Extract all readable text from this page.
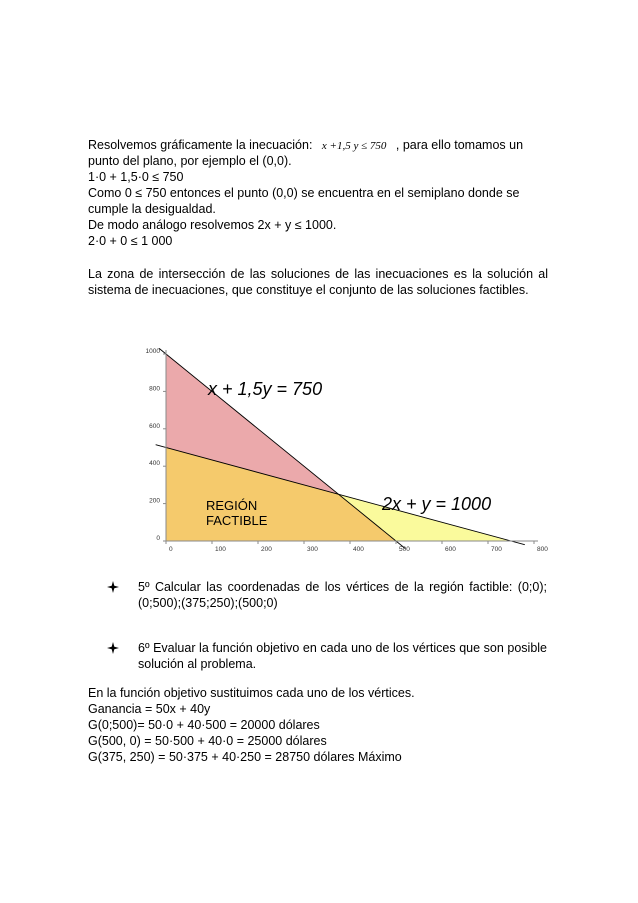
Resolvemos gráficamente la inecuación: x +1,5 y ≤ 750 , para ello tomamos un
punto del plano, por ejemplo el (0,0).
1·0 + 1,5·0 ≤ 750
Como 0 ≤ 750 entonces el punto (0,0) se encuentra en el semiplano donde se cumple la desigualdad.
De modo análogo resolvemos 2x + y ≤ 1000.
2·0 + 0 ≤ 1 000
La zona de intersección de las soluciones de las inecuaciones es la solución al sistema de inecuaciones, que constituye el conjunto de las soluciones factibles.
0	100	200	300	400	500	600	700	800
0
200
400
600
800
1000
x + 1,5y = 750
2x + y = 1000
REGIÓN
FACTIBLE
5º Calcular las coordenadas de los vértices de la región factible: (0;0); (0;500);(375;250);(500;0)
6º Evaluar la función objetivo en cada uno de los vértices que son posible solución al problema.
En la función objetivo sustituimos cada uno de los vértices.
Ganancia = 50x + 40y
G(0;500)= 50·0 + 40·500 = 20000 dólares
G(500, 0) = 50·500 + 40·0 = 25000 dólares
G(375, 250) = 50·375 + 40·250 = 28750 dólares Máximo
